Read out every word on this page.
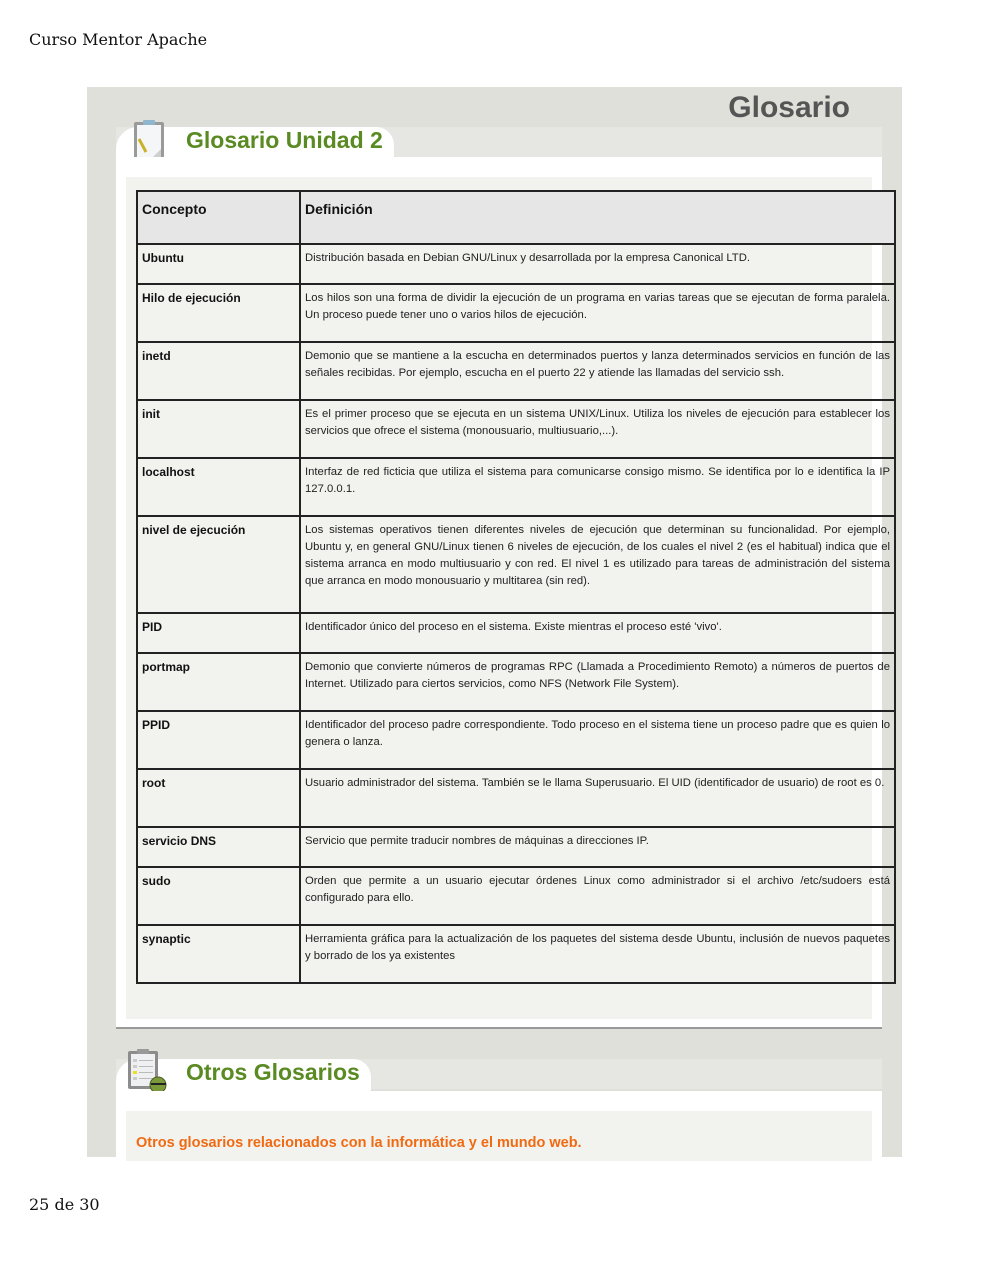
Curso Mentor Apache
Glosario
Glosario Unidad 2
Concepto	Definición
Ubuntu	Distribución basada en Debian GNU/Linux y desarrollada por la empresa Canonical LTD.
Hilo de ejecución	Los hilos son una forma de dividir la ejecución de un programa en varias tareas que se ejecutan de forma paralela. Un proceso puede tener uno o varios hilos de ejecución.
inetd	Demonio que se mantiene a la escucha en determinados puertos y lanza determinados servicios en función de las señales recibidas. Por ejemplo, escucha en el puerto 22 y atiende las llamadas del servicio ssh.
init	Es el primer proceso que se ejecuta en un sistema UNIX/Linux. Utiliza los niveles de ejecución para establecer los servicios que ofrece el sistema (monousuario, multiusuario,...).
localhost	Interfaz de red ficticia que utiliza el sistema para comunicarse consigo mismo. Se identifica por lo e identifica la IP 127.0.0.1.
nivel de ejecución	Los sistemas operativos tienen diferentes niveles de ejecución que determinan su funcionalidad. Por ejemplo, Ubuntu y, en general GNU/Linux tienen 6 niveles de ejecución, de los cuales el nivel 2 (es el habitual) indica que el sistema arranca en modo multiusuario y con red. El nivel 1 es utilizado para tareas de administración del sistema que arranca en modo monousuario y multitarea (sin red).
PID	Identificador único del proceso en el sistema. Existe mientras el proceso esté 'vivo'.
portmap	Demonio que convierte números de programas RPC (Llamada a Procedimiento Remoto) a números de puertos de Internet. Utilizado para ciertos servicios, como NFS (Network File System).
PPID	Identificador del proceso padre correspondiente. Todo proceso en el sistema tiene un proceso padre que es quien lo genera o lanza.
root	Usuario administrador del sistema. También se le llama Superusuario. El UID (identificador de usuario) de root es 0.
servicio DNS	Servicio que permite traducir nombres de máquinas a direcciones IP.
sudo	Orden que permite a un usuario ejecutar órdenes Linux como administrador si el archivo /etc/sudoers está configurado para ello.
synaptic	Herramienta gráfica para la actualización de los paquetes del sistema desde Ubuntu, inclusión de nuevos paquetes y borrado de los ya existentes
Otros Glosarios
Otros glosarios relacionados con la informática y el mundo web.
25 de 30
